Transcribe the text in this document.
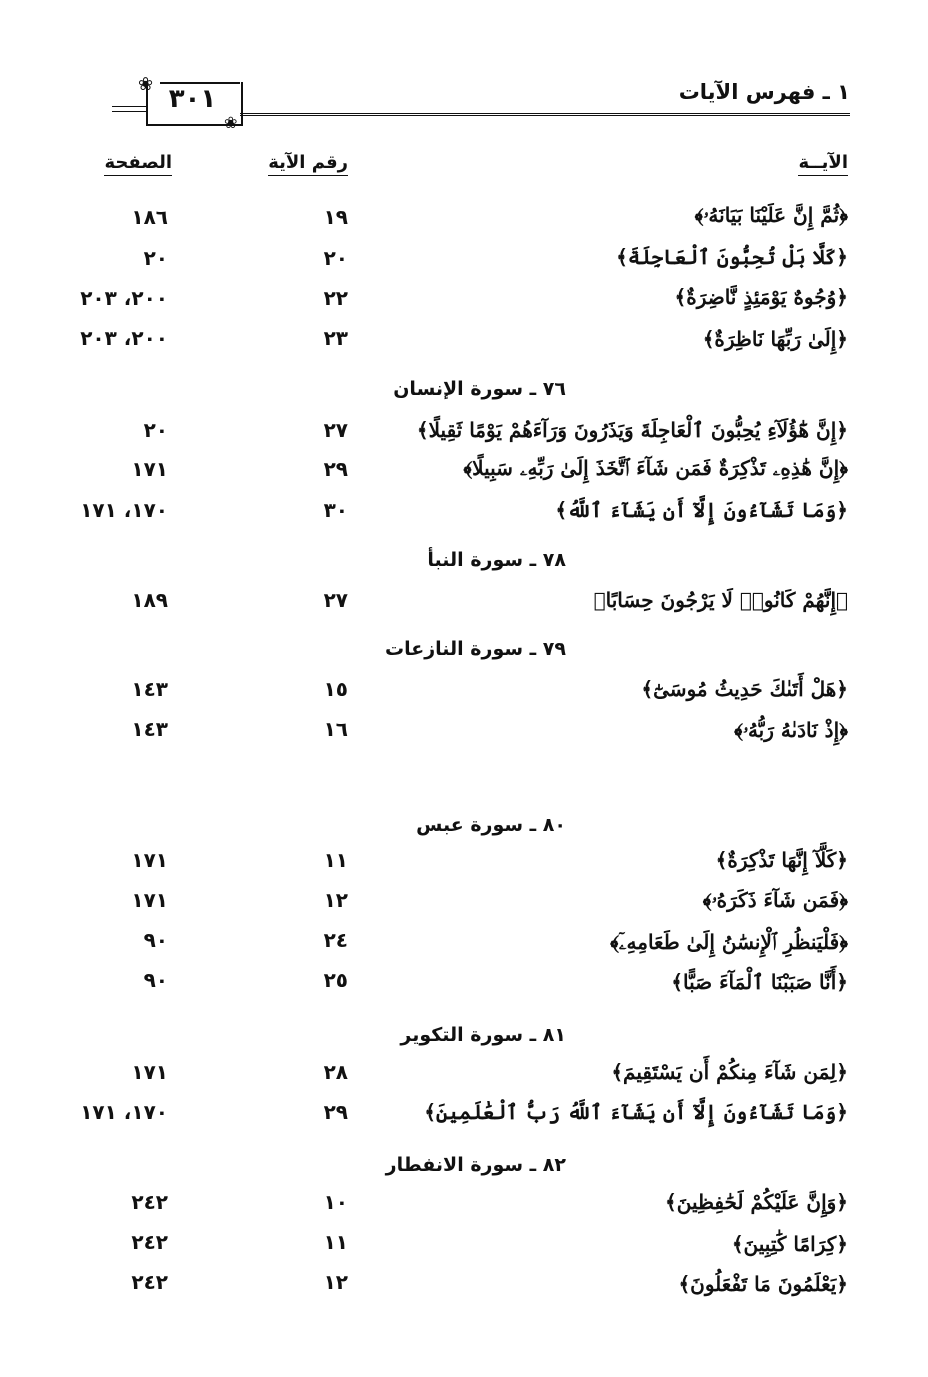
١ ـ فهرس الآيات
❀
❀
٣٠١
الآيــة
رقم الآية
الصفحة
﴿ثُمَّ إِنَّ عَلَيْنَا بَيَانَهُۥ﴾
١٩
١٨٦
﴿كَلَّا بَلْ تُحِبُّونَ ٱلْعَاجِلَةَ﴾
٢٠
٢٠
﴿وُجُوهٌ يَوْمَئِذٍ نَّاضِرَةٌ﴾
٢٢
٢٠٠، ٢٠٣
﴿إِلَىٰ رَبِّهَا نَاظِرَةٌ﴾
٢٣
٢٠٠، ٢٠٣
٧٦ ـ سورة الإنسان
﴿إِنَّ هَٰٓؤُلَآءِ يُحِبُّونَ ٱلْعَاجِلَةَ وَيَذَرُونَ وَرَآءَهُمْ يَوْمًا ثَقِيلًا﴾
٢٧
٢٠
﴿إِنَّ هَٰذِهِۦ تَذْكِرَةٌ فَمَن شَآءَ ٱتَّخَذَ إِلَىٰ رَبِّهِۦ سَبِيلًا﴾
٢٩
١٧١
﴿وَمَا تَشَآءُونَ إِلَّآ أَن يَشَآءَ ٱللَّهُ﴾
٣٠
١٧٠، ١٧١
٧٨ ـ سورة النبأ
﴿إِنَّهُمْ كَانُوا۟ لَا يَرْجُونَ حِسَابًا﴾
٢٧
١٨٩
٧٩ ـ سورة النازعات
﴿هَلْ أَتَىٰكَ حَدِيثُ مُوسَىٰٓ﴾
١٥
١٤٣
﴿إِذْ نَادَىٰهُ رَبُّهُۥ﴾
١٦
١٤٣
٨٠ ـ سورة عبس
﴿كَلَّآ إِنَّهَا تَذْكِرَةٌ﴾
١١
١٧١
﴿فَمَن شَآءَ ذَكَرَهُۥ﴾
١٢
١٧١
﴿فَلْيَنظُرِ ٱلْإِنسَٰنُ إِلَىٰ طَعَامِهِۦٓ﴾
٢٤
٩٠
﴿أَنَّا صَبَبْنَا ٱلْمَآءَ صَبًّا﴾
٢٥
٩٠
٨١ ـ سورة التكوير
﴿لِمَن شَآءَ مِنكُمْ أَن يَسْتَقِيمَ﴾
٢٨
١٧١
﴿وَمَا تَشَآءُونَ إِلَّآ أَن يَشَآءَ ٱللَّهُ رَبُّ ٱلْعَٰلَمِينَ﴾
٢٩
١٧٠، ١٧١
٨٢ ـ سورة الانفطار
﴿وَإِنَّ عَلَيْكُمْ لَحَٰفِظِينَ﴾
١٠
٢٤٢
﴿كِرَامًا كَٰتِبِينَ﴾
١١
٢٤٢
﴿يَعْلَمُونَ مَا تَفْعَلُونَ﴾
١٢
٢٤٢
